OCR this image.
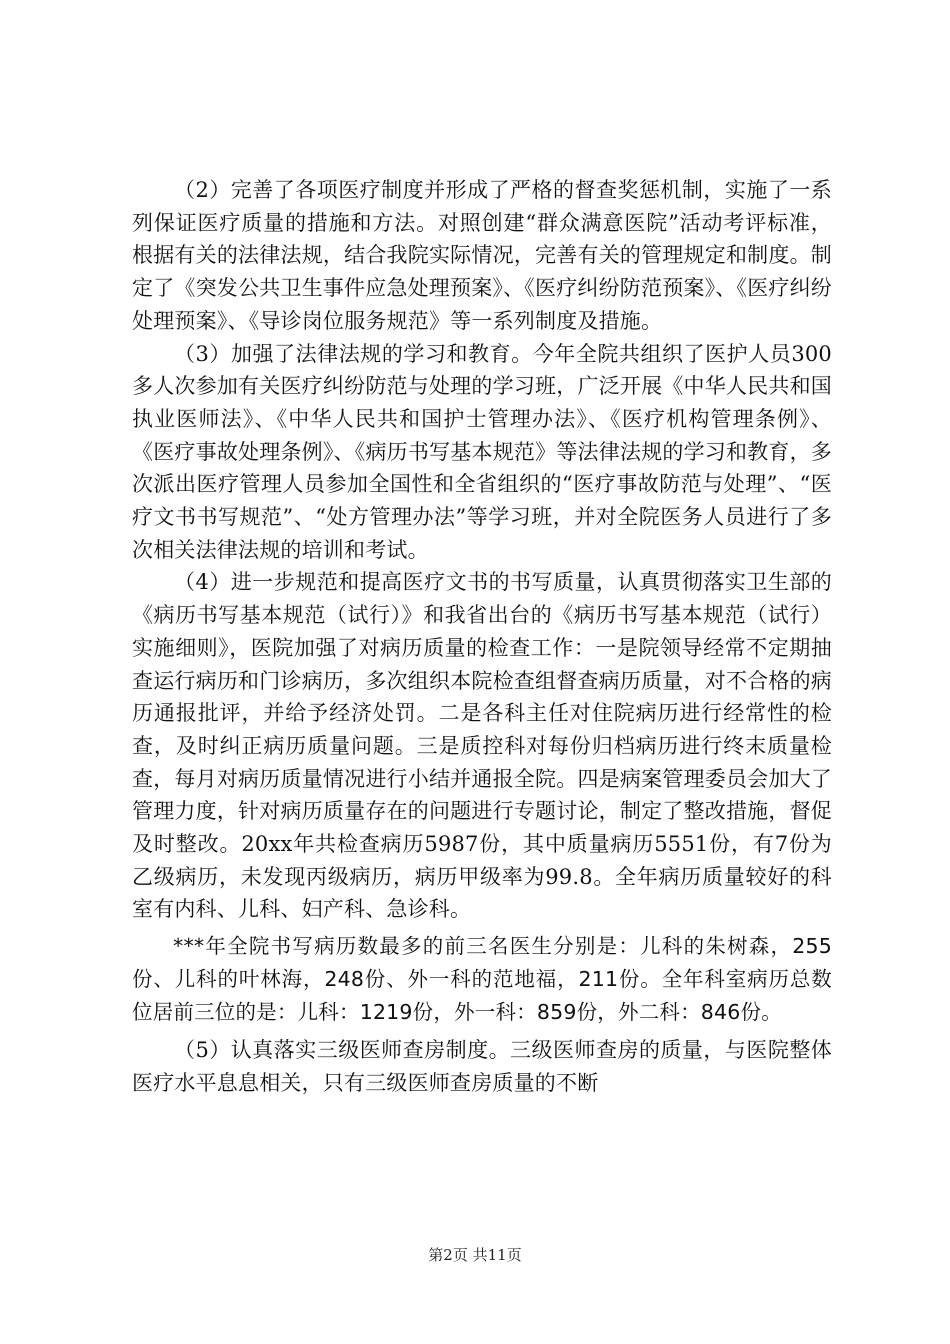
（2）完善了各项医疗制度并形成了严格的督查奖惩机制，实施了一系列保证医疗质量的措施和方法。对照创建“群众满意医院”活动考评标准，根据有关的法律法规，结合我院实际情况，完善有关的管理规定和制度。制定了《突发公共卫生事件应急处理预案》、《医疗纠纷防范预案》、《医疗纠纷处理预案》、《导诊岗位服务规范》等一系列制度及措施。

（3）加强了法律法规的学习和教育。今年全院共组织了医护人员300多人次参加有关医疗纠纷防范与处理的学习班，广泛开展《中华人民共和国执业医师法》、《中华人民共和国护士管理办法》、《医疗机构管理条例》、《医疗事故处理条例》、《病历书写基本规范》等法律法规的学习和教育，多次派出医疗管理人员参加全国性和全省组织的“医疗事故防范与处理”、“医疗文书书写规范”、“处方管理办法”等学习班，并对全院医务人员进行了多次相关法律法规的培训和考试。

（4）进一步规范和提高医疗文书的书写质量，认真贯彻落实卫生部的《病历书写基本规范（试行）》和我省出台的《病历书写基本规范（试行）实施细则》，医院加强了对病历质量的检查工作：一是院领导经常不定期抽查运行病历和门诊病历，多次组织本院检查组督查病历质量，对不合格的病历通报批评，并给予经济处罚。二是各科主任对住院病历进行经常性的检查，及时纠正病历质量问题。三是质控科对每份归档病历进行终末质量检查，每月对病历质量情况进行小结并通报全院。四是病案管理委员会加大了管理力度，针对病历质量存在的问题进行专题讨论，制定了整改措施，督促及时整改。20xx年共检查病历5987份，其中质量病历5551份，有7份为乙级病历，未发现丙级病历，病历甲级率为99.8。全年病历质量较好的科室有内科、儿科、妇产科、急诊科。

***年全院书写病历数最多的前三名医生分别是：儿科的朱树森，255份、儿科的叶林海，248份、外一科的范地福，211份。全年科室病历总数位居前三位的是：儿科：1219份，外一科：859份，外二科：846份。

（5）认真落实三级医师查房制度。三级医师查房的质量，与医院整体医疗水平息息相关，只有三级医师查房质量的不断

第2页 共11页
